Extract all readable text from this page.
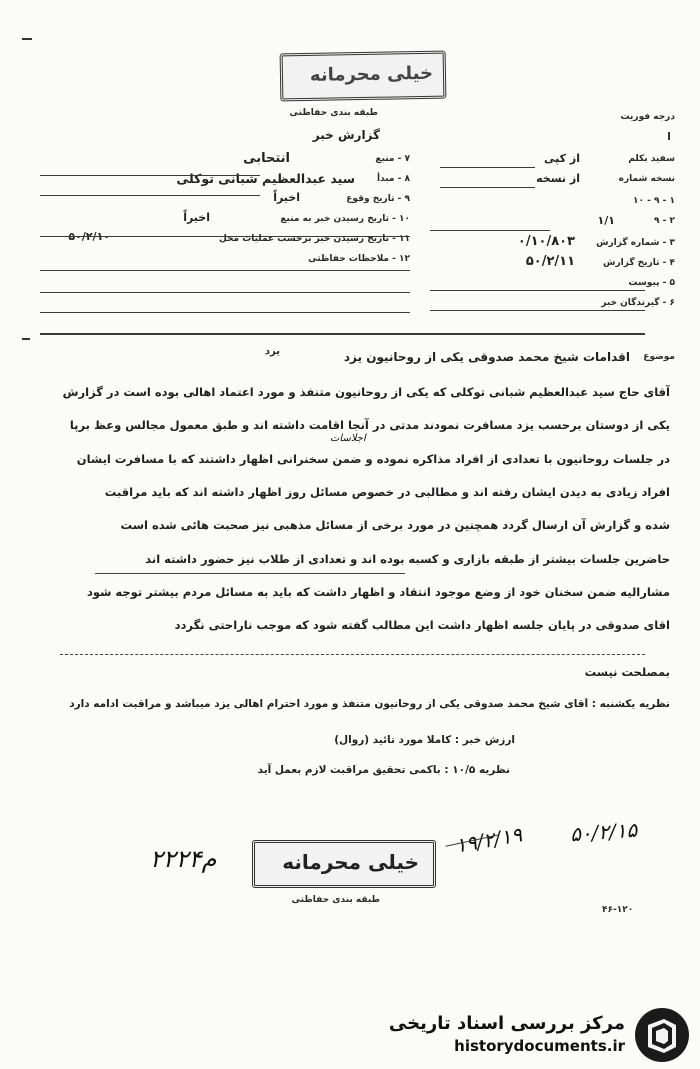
خیلی محرمانه
طبقه بندی حفاظتی
گزارش خبر
درجه فوریت
سفید بکلم
از کپی
نسخه شماره
از نسخه
۱ - ۹ - ۱۰
۲ - ۹
۱/۱
۳ - شماره گزارش
۰/۱۰/۸۰۳
۴ - تاریخ گزارش
۵۰/۲/۱۱
۵ - پیوست
۶ - گیرندگان خبر
۷ - منبع
انتحابی
۸ - مبدأ
سید عبدالعظیم شبانی توکلی
۹ - تاریخ وقوع
اخیراً
۱۰ - تاریخ رسیدن خبر به منبع
اخیراً
۱۱ - تاریخ رسیدن خبر برحسب عملیات محل
۵۰/۲/۱۰
۱۲ - ملاحظات حفاظتی
یزد	موضوع
اقدامات شیخ محمد صدوقی یکی از روحانیون یزد
آقای حاج سید عبدالعظیم شبانی توکلی که یکی از روحانیون متنفذ و مورد اعتماد اهالی بوده است در گزارش
یکی از دوستان برحسب یزد مسافرت نمودند مدتی در آنجا اقامت داشته اند و طبق معمول مجالس وعظ برپا
اجلاسات
در جلسات روحانیون با تعدادی از افراد مذاکره نموده و ضمن سخنرانی اظهار داشتند که با مسافرت ایشان
افراد زیادی به دیدن ایشان رفته اند و مطالبی در خصوص مسائل روز اظهار داشته اند که باید مراقبت
شده و گزارش آن ارسال گردد همچنین در مورد برخی از مسائل مذهبی نیز صحبت هائی شده است
حاضرین جلسات بیشتر از طبقه بازاری و کسبه بوده اند و تعدادی از طلاب نیز حضور داشته اند
مشارالیه ضمن سخنان خود از وضع موجود انتقاد و اظهار داشت که باید به مسائل مردم بیشتر توجه شود
اقای صدوقی در پایان جلسه اظهار داشت این مطالب گفته شود که موجب ناراحتی نگردد
بمصلحت نیست
نظریه یکشنبه : آقای شیخ محمد صدوقی یکی از روحانیون متنفذ و مورد احترام اهالی یزد میباشد و مراقبت ادامه دارد
ارزش خبر : کاملا مورد تائید (روال)
نظریه ۱۰/۵ : باکمی تحقیق مراقبت لازم بعمل آید
۱۹/۲/۱۹ ۵۰/۲/۱۵
خیلی محرمانه
۲۲۲۴م
طبقه بندی حفاظتی
۴۶-۱۲۰
مرکز بررسی اسناد تاریخی
historydocuments.ir
